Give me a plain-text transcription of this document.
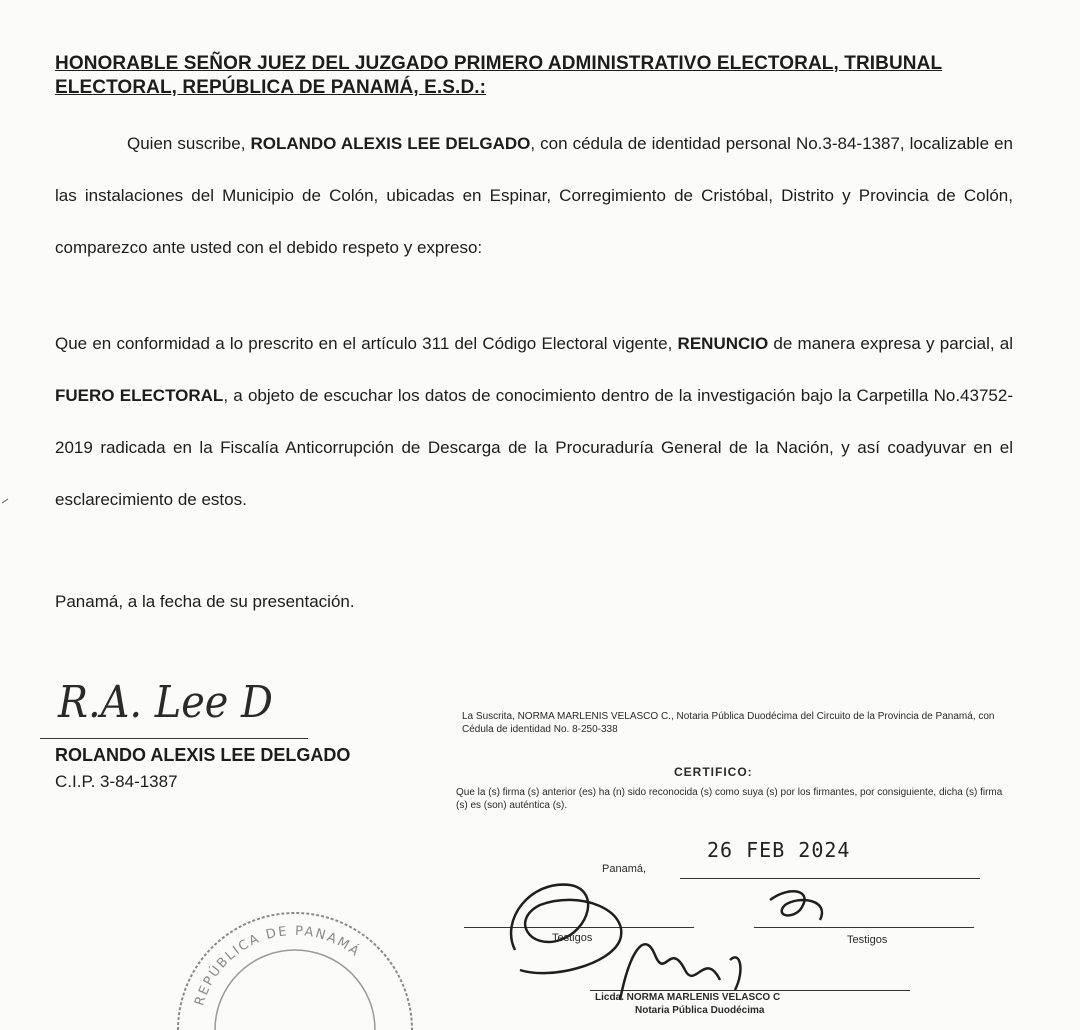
HONORABLE SEÑOR JUEZ DEL JUZGADO PRIMERO ADMINISTRATIVO ELECTORAL, TRIBUNAL ELECTORAL, REPÚBLICA DE PANAMÁ, E.S.D.:
Quien suscribe, ROLANDO ALEXIS LEE DELGADO, con cédula de identidad personal No.3-84-1387, localizable en las instalaciones del Municipio de Colón, ubicadas en Espinar, Corregimiento de Cristóbal, Distrito y Provincia de Colón, comparezco ante usted con el debido respeto y expreso:
Que en conformidad a lo prescrito en el artículo 311 del Código Electoral vigente, RENUNCIO de manera expresa y parcial, al FUERO ELECTORAL, a objeto de escuchar los datos de conocimiento dentro de la investigación bajo la Carpetilla No.43752-2019 radicada en la Fiscalía Anticorrupción de Descarga de la Procuraduría General de la Nación, y así coadyuvar en el esclarecimiento de estos.
Panamá, a la fecha de su presentación.
R.A. Lee D
ROLANDO ALEXIS LEE DELGADO
C.I.P. 3-84-1387
La Suscrita, NORMA MARLENIS VELASCO C., Notaria Pública Duodécima del Circuito de la Provincia de Panamá, con Cédula de identidad No. 8-250-338
CERTIFICO:
Que la (s) firma (s) anterior (es) ha (n) sido reconocida (s) como suya (s) por los firmantes, por consiguiente, dicha (s) firma (s) es (son) auténtica (s).
26 FEB 2024
Panamá,
Testigos	Testigos
Licda. NORMA MARLENIS VELASCO C
Notaria Pública Duodécima
REPÚBLICA DE PANAMÁ
